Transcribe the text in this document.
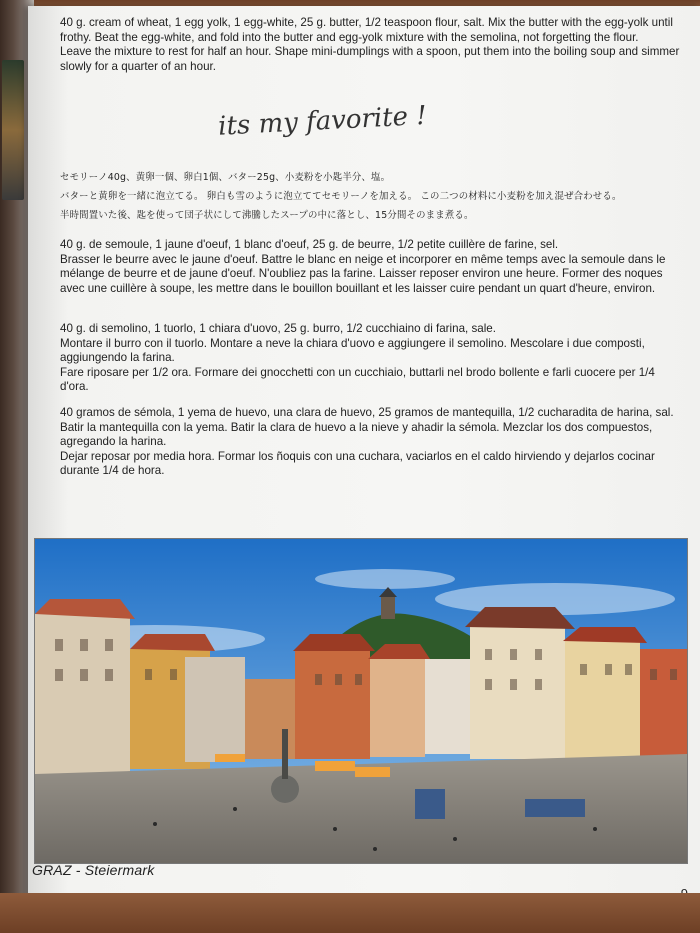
40 g. cream of wheat, 1 egg yolk, 1 egg-white, 25 g. butter, 1/2 teaspoon flour, salt. Mix the butter with the egg-yolk until frothy. Beat the egg-white, and fold into the butter and egg-yolk mixture with the semolina, not forgetting the flour.
Leave the mixture to rest for half an hour. Shape mini-dumplings with a spoon, put them into the boiling soup and simmer slowly for a quarter of an hour.
its my favorite !
セモリーノ40g、黄卵一個、卵白1個、バター25g、小麦粉を小匙半分、塩。
バターと黄卵を一緒に泡立てる。 卵白も雪のように泡立ててセモリーノを加える。 この二つの材料に小麦粉を加え混ぜ合わせる。
半時間置いた後、匙を使って団子状にして沸騰したスープの中に落とし、15分間そのまま煮る。
40 g. de semoule, 1 jaune d'oeuf, 1 blanc d'oeuf, 25 g. de beurre, 1/2 petite cuillère de farine, sel.
Brasser le beurre avec le jaune d'oeuf. Battre le blanc en neige et incorporer en même temps avec la semoule dans le mélange de beurre et de jaune d'oeuf. N'oubliez pas la farine. Laisser reposer environ une heure. Former des noques avec une cuillère à soupe, les mettre dans le bouillon bouillant et les laisser cuire pendant un quart d'heure, environ.
40 g. di semolino, 1 tuorlo, 1 chiara d'uovo, 25 g. burro, 1/2 cucchiaino di farina, sale.
Montare il burro con il tuorlo. Montare a neve la chiara d'uovo e aggiungere il semolino. Mescolare i due composti, aggiungendo la farina.
Fare riposare per 1/2 ora. Formare dei gnocchetti con un cucchiaio, buttarli nel brodo bollente e farli cuocere per 1/4 d'ora.
40 gramos de sémola, 1 yema de huevo, una clara de huevo, 25 gramos de mantequilla, 1/2 cucharadita de harina, sal.
Batir la mantequilla con la yema. Batir la clara de huevo a la nieve y ahadir la sémola. Mezclar los dos compuestos, agregando la harina.
Dejar reposar por media hora. Formar los ñoquis con una cuchara, vaciarlos en el caldo hirviendo y dejarlos cocinar durante 1/4 de hora.
GRAZ - Steiermark
